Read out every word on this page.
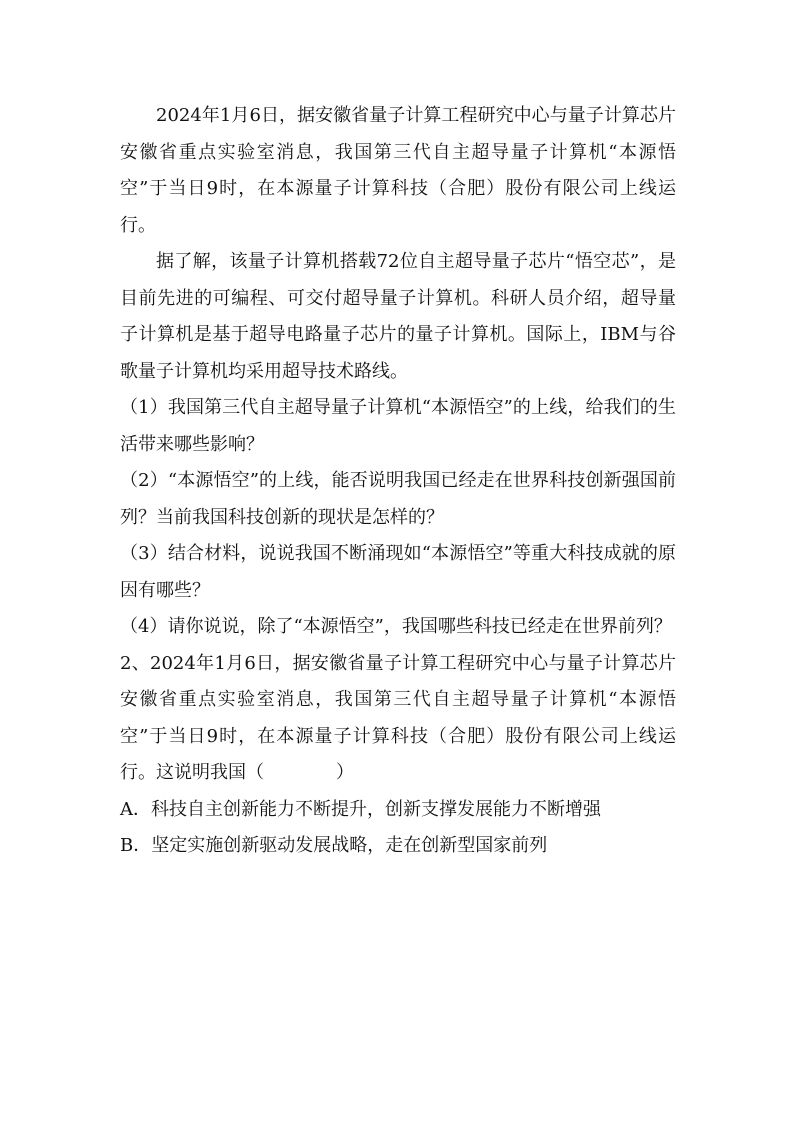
2024年1月6日，据安徽省量子计算工程研究中心与量子计算芯片安徽省重点实验室消息，我国第三代自主超导量子计算机“本源悟空”于当日9时，在本源量子计算科技（合肥）股份有限公司上线运行。

据了解，该量子计算机搭载72位自主超导量子芯片“悟空芯”，是目前先进的可编程、可交付超导量子计算机。科研人员介绍，超导量子计算机是基于超导电路量子芯片的量子计算机。国际上，IBM与谷歌量子计算机均采用超导技术路线。

（1）我国第三代自主超导量子计算机“本源悟空”的上线，给我们的生活带来哪些影响？

（2）“本源悟空”的上线，能否说明我国已经走在世界科技创新强国前列？当前我国科技创新的现状是怎样的？

（3）结合材料，说说我国不断涌现如“本源悟空”等重大科技成就的原因有哪些？

（4）请你说说，除了“本源悟空”，我国哪些科技已经走在世界前列？

2、2024年1月6日，据安徽省量子计算工程研究中心与量子计算芯片安徽省重点实验室消息，我国第三代自主超导量子计算机“本源悟空”于当日9时，在本源量子计算科技（合肥）股份有限公司上线运行。这说明我国（　　　　）

A．科技自主创新能力不断提升，创新支撑发展能力不断增强

B．坚定实施创新驱动发展战略，走在创新型国家前列
